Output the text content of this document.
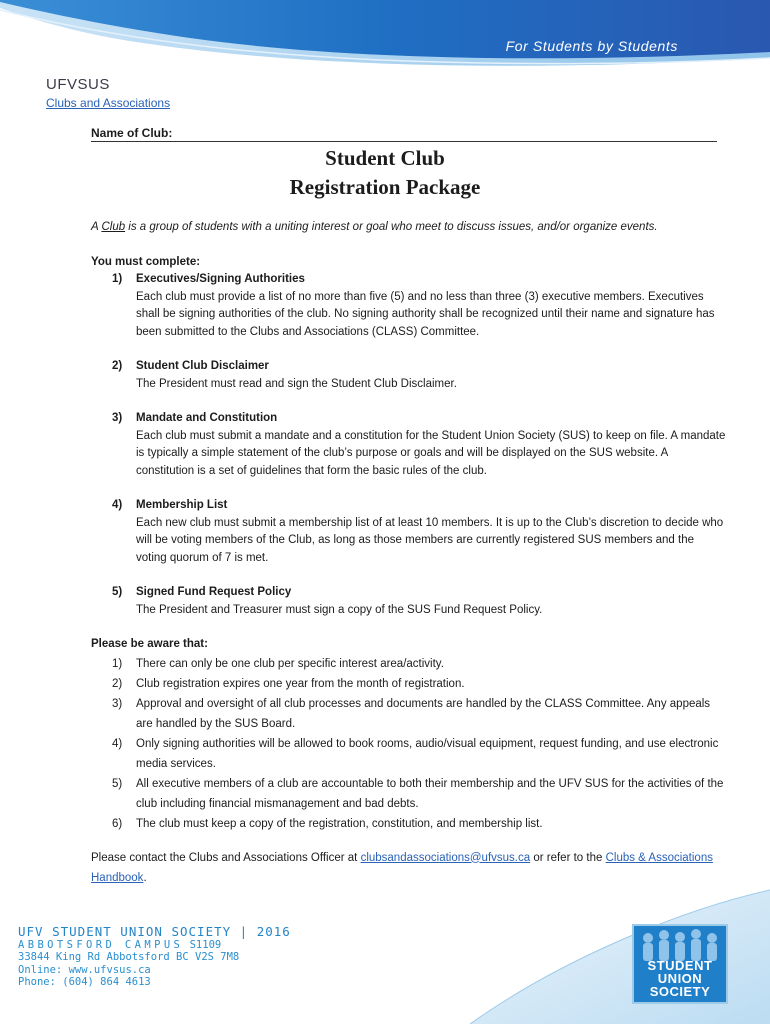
For Students by Students
UFVSUS
Clubs and Associations
Name of Club:
Student Club
Registration Package

A Club is a group of students with a uniting interest or goal who meet to discuss issues, and/or organize events.

You must complete:
1)	Executives/Signing Authorities
Each club must provide a list of no more than five (5) and no less than three (3) executive members. Executives shall be signing authorities of the club. No signing authority shall be recognized until their name and signature has been submitted to the Clubs and Associations (CLASS) Committee.
2)	Student Club Disclaimer
The President must read and sign the Student Club Disclaimer.
3)	Mandate and Constitution
Each club must submit a mandate and a constitution for the Student Union Society (SUS) to keep on file. A mandate is typically a simple statement of the club’s purpose or goals and will be displayed on the SUS website. A constitution is a set of guidelines that form the basic rules of the club.
4)	Membership List
Each new club must submit a membership list of at least 10 members. It is up to the Club’s discretion to decide who will be voting members of the Club, as long as those members are currently registered SUS members and the voting quorum of 7 is met.
5)	Signed Fund Request Policy
The President and Treasurer must sign a copy of the SUS Fund Request Policy.
Please be aware that:
1)	There can only be one club per specific interest area/activity.
2)	Club registration expires one year from the month of registration.
3)	Approval and oversight of all club processes and documents are handled by the CLASS Committee. Any appeals are handled by the SUS Board.
4)	Only signing authorities will be allowed to book rooms, audio/visual equipment, request funding, and use electronic media services.
5)	All executive members of a club are accountable to both their membership and the UFV SUS for the activities of the club including financial mismanagement and bad debts.
6)	The club must keep a copy of the registration, constitution, and membership list.
Please contact the Clubs and Associations Officer at clubsandassociations@ufvsus.ca or refer to the Clubs & Associations Handbook.
UFV STUDENT UNION SOCIETY | 2016
ABBOTSFORD CAMPUS S1109
33844 King Rd Abbotsford BC V2S 7M8
Online: www.ufvsus.ca
Phone: (604) 864 4613
STUDENT
UNION
SOCIETY
